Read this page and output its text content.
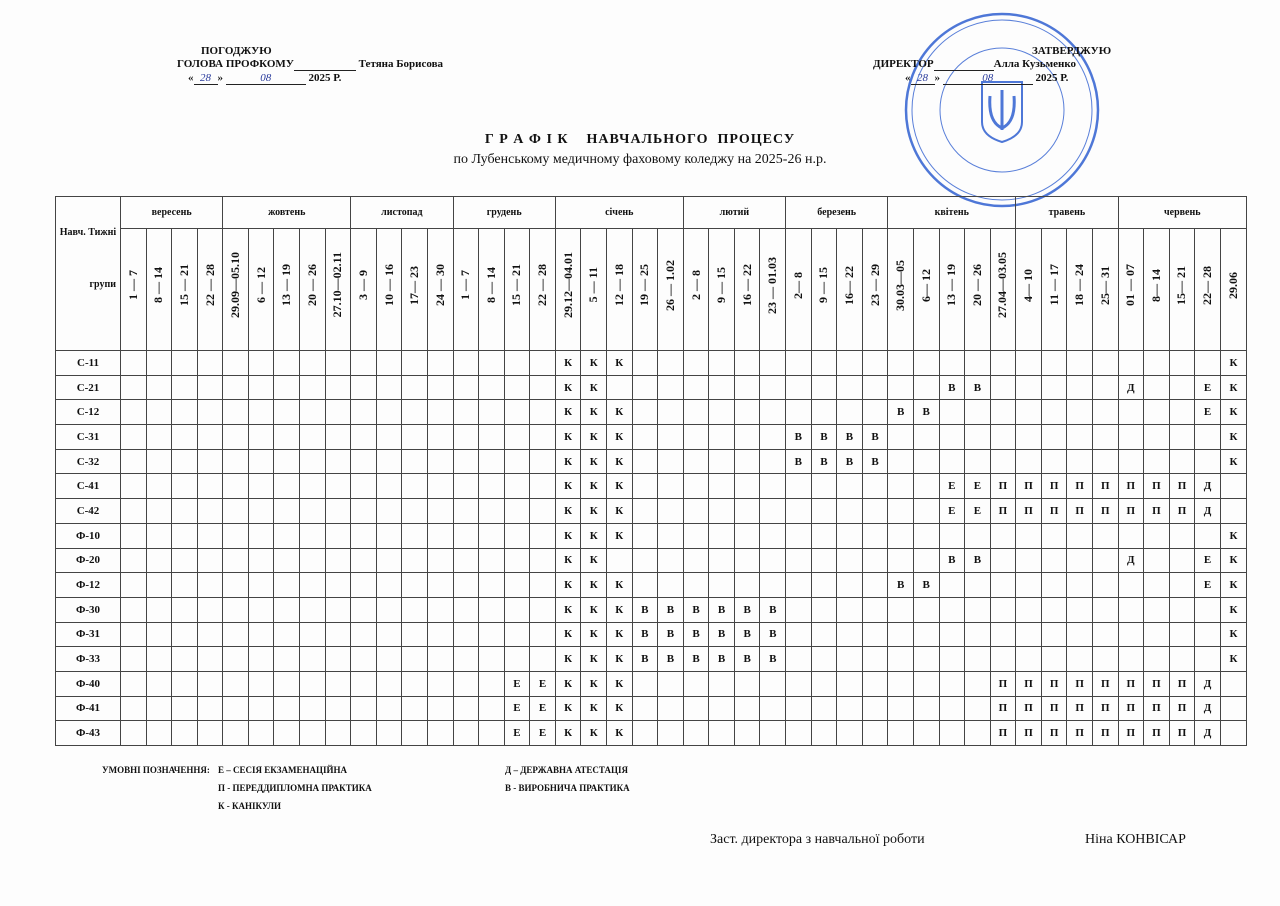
ПОГОДЖУЮ
ГОЛОВА ПРОФКОМУ	Тетяна Борисова
« 28 »	08	2025 Р.
ЗАТВЕРДЖУЮ
ДИРЕКТОР	Алла Кузьменко
« 28 »	08	2025 Р.
Г Р А Ф І К    НАВЧАЛЬНОГО  ПРОЦЕСУ
по Лубенському медичному фаховому коледжу на 2025-26 н.р.
Навч. Тижні
групи	вересень				жовтень					листопад				грудень				січень					лютий				березень				квітень					травень				червень				
	1 — 7	8 — 14	15 — 21	22 — 28	29.09—05.10	6 — 12	13 — 19	20 — 26	27.10—02.11	3 — 9	10 — 16	17— 23	24 — 30	1 — 7	8 — 14	15 — 21	22 — 28	29.12—04.01	5 — 11	12 — 18	19 — 25	26 — 1.02	2 — 8	9 — 15	16 — 22	23 — 01.03	2— 8	9 — 15	16— 22	23 — 29	30.03—05	6— 12	13 — 19	20 — 26	27.04—03.05	4— 10	11 — 17	18 — 24	25— 31	01 — 07	8— 14	15— 21	22— 28	29.06
С-11																		К	К	К																								К
С-21																		К	К														В	В						Д			Е	К
С-12																		К	К	К											В	В											Е	К
С-31																		К	К	К							В	В	В	В														К
С-32																		К	К	К							В	В	В	В														К
С-41																		К	К	К													Е	Е	П	П	П	П	П	П	П	П	Д	
С-42																		К	К	К													Е	Е	П	П	П	П	П	П	П	П	Д	
Ф-10																		К	К	К																								К
Ф-20																		К	К														В	В						Д			Е	К
Ф-12																		К	К	К											В	В											Е	К
Ф-30																		К	К	К	В	В	В	В	В	В																		К
Ф-31																		К	К	К	В	В	В	В	В	В																		К
Ф-33																		К	К	К	В	В	В	В	В	В																		К
Ф-40																Е	Е	К	К	К															П	П	П	П	П	П	П	П	Д	
Ф-41																Е	Е	К	К	К															П	П	П	П	П	П	П	П	Д	
Ф-43																Е	Е	К	К	К															П	П	П	П	П	П	П	П	Д	
УМОВНІ ПОЗНАЧЕННЯ: Е – СЕСІЯ ЕКЗАМЕНАЦІЙНА
П - ПЕРЕДДИПЛОМНА ПРАКТИКА
К - КАНІКУЛИ
Д – ДЕРЖАВНА АТЕСТАЦІЯ
В - ВИРОБНИЧА ПРАКТИКА
Заст. директора з навчальної роботи	Ніна КОНВІСАР
